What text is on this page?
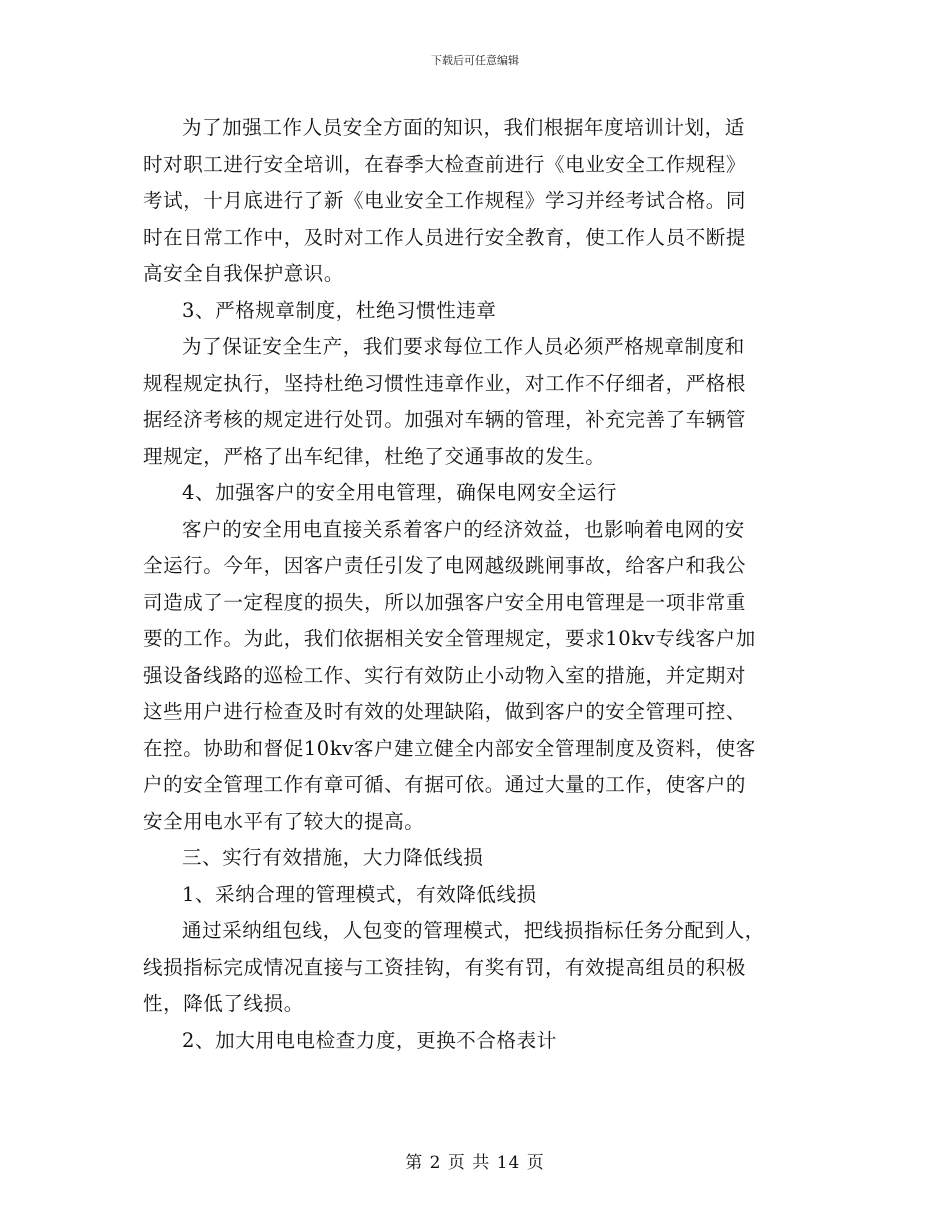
下载后可任意编辑

为了加强工作人员安全方面的知识，我们根据年度培训计划，适
时对职工进行安全培训，在春季大检查前进行《电业安全工作规程》
考试，十月底进行了新《电业安全工作规程》学习并经考试合格。同
时在日常工作中，及时对工作人员进行安全教育，使工作人员不断提
高安全自我保护意识。

3、严格规章制度，杜绝习惯性违章

为了保证安全生产，我们要求每位工作人员必须严格规章制度和
规程规定执行，坚持杜绝习惯性违章作业，对工作不仔细者，严格根
据经济考核的规定进行处罚。加强对车辆的管理，补充完善了车辆管
理规定，严格了出车纪律，杜绝了交通事故的发生。

4、加强客户的安全用电管理，确保电网安全运行

客户的安全用电直接关系着客户的经济效益，也影响着电网的安
全运行。今年，因客户责任引发了电网越级跳闸事故，给客户和我公
司造成了一定程度的损失，所以加强客户安全用电管理是一项非常重
要的工作。为此，我们依据相关安全管理规定，要求10kv专线客户加
强设备线路的巡检工作、实行有效防止小动物入室的措施，并定期对
这些用户进行检查及时有效的处理缺陷，做到客户的安全管理可控、
在控。协助和督促10kv客户建立健全内部安全管理制度及资料，使客
户的安全管理工作有章可循、有据可依。通过大量的工作，使客户的
安全用电水平有了较大的提高。

三、实行有效措施，大力降低线损

1、采纳合理的管理模式，有效降低线损

通过采纳组包线，人包变的管理模式，把线损指标任务分配到人，
线损指标完成情况直接与工资挂钩，有奖有罚，有效提高组员的积极
性，降低了线损。

2、加大用电电检查力度，更换不合格表计

第 2 页 共 14 页
